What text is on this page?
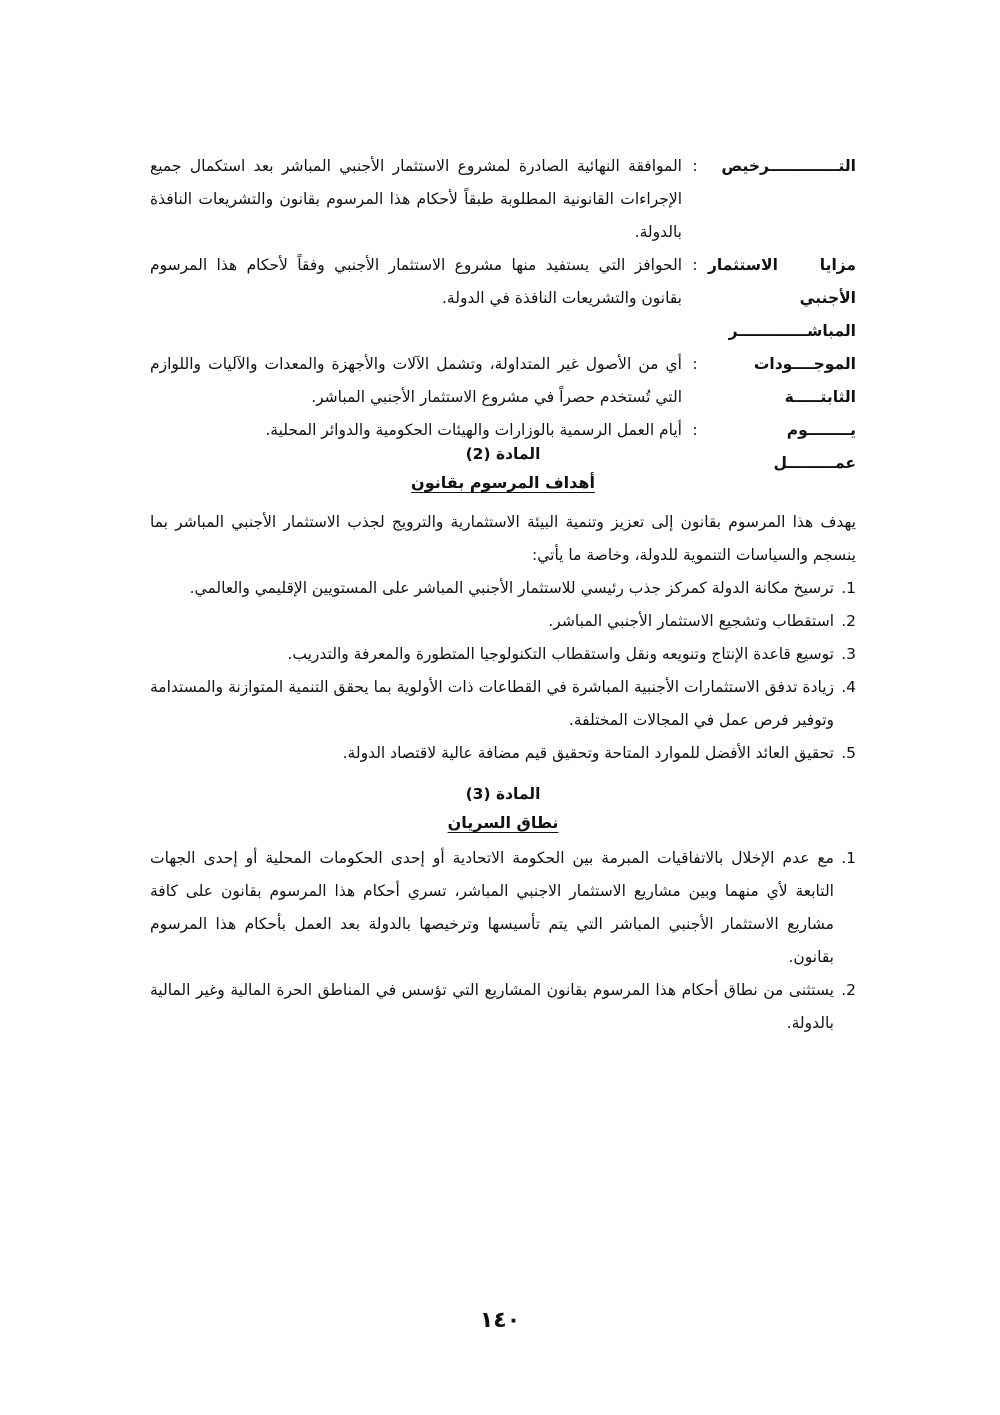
التـــــــــــــرخيص
:
الموافقة النهائية الصادرة لمشروع الاستثمار الأجنبي المباشر بعد استكمال جميع الإجراءات القانونية المطلوبة طبقاً لأحكام هذا المرسوم بقانون والتشريعات النافذة بالدولة.
مزايا الاستثمار الأجنبي
المباشـــــــــــــر
:
الحوافز التي يستفيد منها مشروع الاستثمار الأجنبي وفقاً لأحكام هذا المرسوم بقانون والتشريعات النافذة في الدولة.
الموجــــودات الثابتـــــة
:
أي من الأصول غير المتداولة، وتشمل الآلات والأجهزة والمعدات والآليات واللوازم التي تُستخدم حصراً في مشروع الاستثمار الأجنبي المباشر.
يــــــــوم عمـــــــــل
:
أيام العمل الرسمية بالوزارات والهيئات الحكومية والدوائر المحلية.
المادة (2)
أهداف المرسوم بقانون
يهدف هذا المرسوم بقانون إلى تعزيز وتنمية البيئة الاستثمارية والترويج لجذب الاستثمار الأجنبي المباشر بما ينسجم والسياسات التنموية للدولة، وخاصة ما يأتي:
1.
ترسيخ مكانة الدولة كمركز جذب رئيسي للاستثمار الأجنبي المباشر على المستويين الإقليمي والعالمي.
2.
استقطاب وتشجيع الاستثمار الأجنبي المباشر.
3.
توسيع قاعدة الإنتاج وتنويعه ونقل واستقطاب التكنولوجيا المتطورة والمعرفة والتدريب.
4.
زيادة تدفق الاستثمارات الأجنبية المباشرة في القطاعات ذات الأولوية بما يحقق التنمية المتوازنة والمستدامة وتوفير فرص عمل في المجالات المختلفة.
5.
تحقيق العائد الأفضل للموارد المتاحة وتحقيق قيم مضافة عالية لاقتصاد الدولة.
المادة (3)
نطاق السريان
1.
مع عدم الإخلال بالاتفاقيات المبرمة بين الحكومة الاتحادية أو إحدى الحكومات المحلية أو إحدى الجهات التابعة لأي منهما وبين مشاريع الاستثمار الاجنبي المباشر، تسري أحكام هذا المرسوم بقانون على كافة مشاريع الاستثمار الأجنبي المباشر التي يتم تأسيسها وترخيصها بالدولة بعد العمل بأحكام هذا المرسوم بقانون.
2.
يستثنى من نطاق أحكام هذا المرسوم بقانون المشاريع التي تؤسس في المناطق الحرة المالية وغير المالية بالدولة.
١٤٠
